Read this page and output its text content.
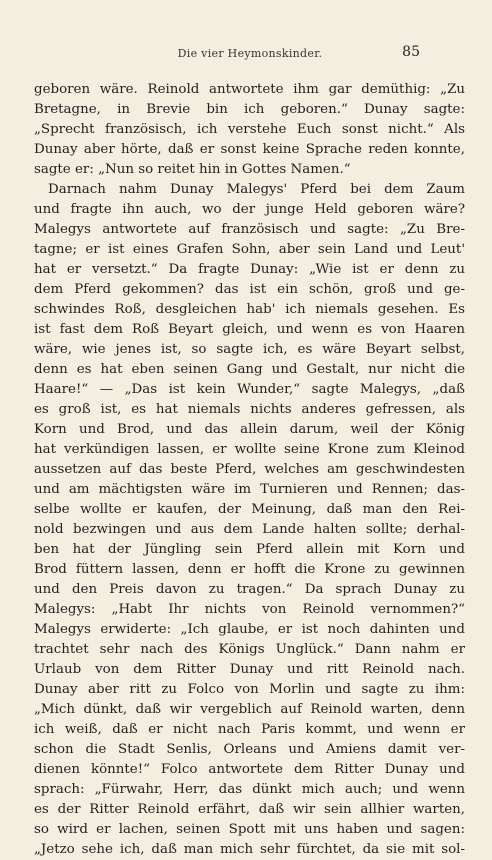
Die vier Heymonskinder.	85
geboren wäre. Reinold antwortete ihm gar demüthig: „Zu
Bretagne, in Brevie bin ich geboren.“ Dunay sagte:
„Sprecht französisch, ich verstehe Euch sonst nicht.“ Als
Dunay aber hörte, daß er sonst keine Sprache reden konnte,
sagte er: „Nun so reitet hin in Gottes Namen.“
Darnach nahm Dunay Malegys' Pferd bei dem Zaum
und fragte ihn auch, wo der junge Held geboren wäre?
Malegys antwortete auf französisch und sagte: „Zu Bre-
tagne; er ist eines Grafen Sohn, aber sein Land und Leut'
hat er versetzt.“ Da fragte Dunay: „Wie ist er denn zu
dem Pferd gekommen? das ist ein schön, groß und ge-
schwindes Roß, desgleichen hab' ich niemals gesehen. Es
ist fast dem Roß Beyart gleich, und wenn es von Haaren
wäre, wie jenes ist, so sagte ich, es wäre Beyart selbst,
denn es hat eben seinen Gang und Gestalt, nur nicht die
Haare!“ — „Das ist kein Wunder,“ sagte Malegys, „daß
es groß ist, es hat niemals nichts anderes gefressen, als
Korn und Brod, und das allein darum, weil der König
hat verkündigen lassen, er wollte seine Krone zum Kleinod
aussetzen auf das beste Pferd, welches am geschwindesten
und am mächtigsten wäre im Turnieren und Rennen; das-
selbe wollte er kaufen, der Meinung, daß man den Rei-
nold bezwingen und aus dem Lande halten sollte; derhal-
ben hat der Jüngling sein Pferd allein mit Korn und
Brod füttern lassen, denn er hofft die Krone zu gewinnen
und den Preis davon zu tragen.“ Da sprach Dunay zu
Malegys: „Habt Ihr nichts von Reinold vernommen?“
Malegys erwiderte: „Ich glaube, er ist noch dahinten und
trachtet sehr nach des Königs Unglück.“ Dann nahm er
Urlaub von dem Ritter Dunay und ritt Reinold nach.
Dunay aber ritt zu Folco von Morlin und sagte zu ihm:
„Mich dünkt, daß wir vergeblich auf Reinold warten, denn
ich weiß, daß er nicht nach Paris kommt, und wenn er
schon die Stadt Senlis, Orleans und Amiens damit ver-
dienen könnte!“ Folco antwortete dem Ritter Dunay und
sprach: „Fürwahr, Herr, das dünkt mich auch; und wenn
es der Ritter Reinold erfährt, daß wir sein allhier warten,
so wird er lachen, seinen Spott mit uns haben und sagen:
„Jetzo sehe ich, daß man mich sehr fürchtet, da sie mit sol-
